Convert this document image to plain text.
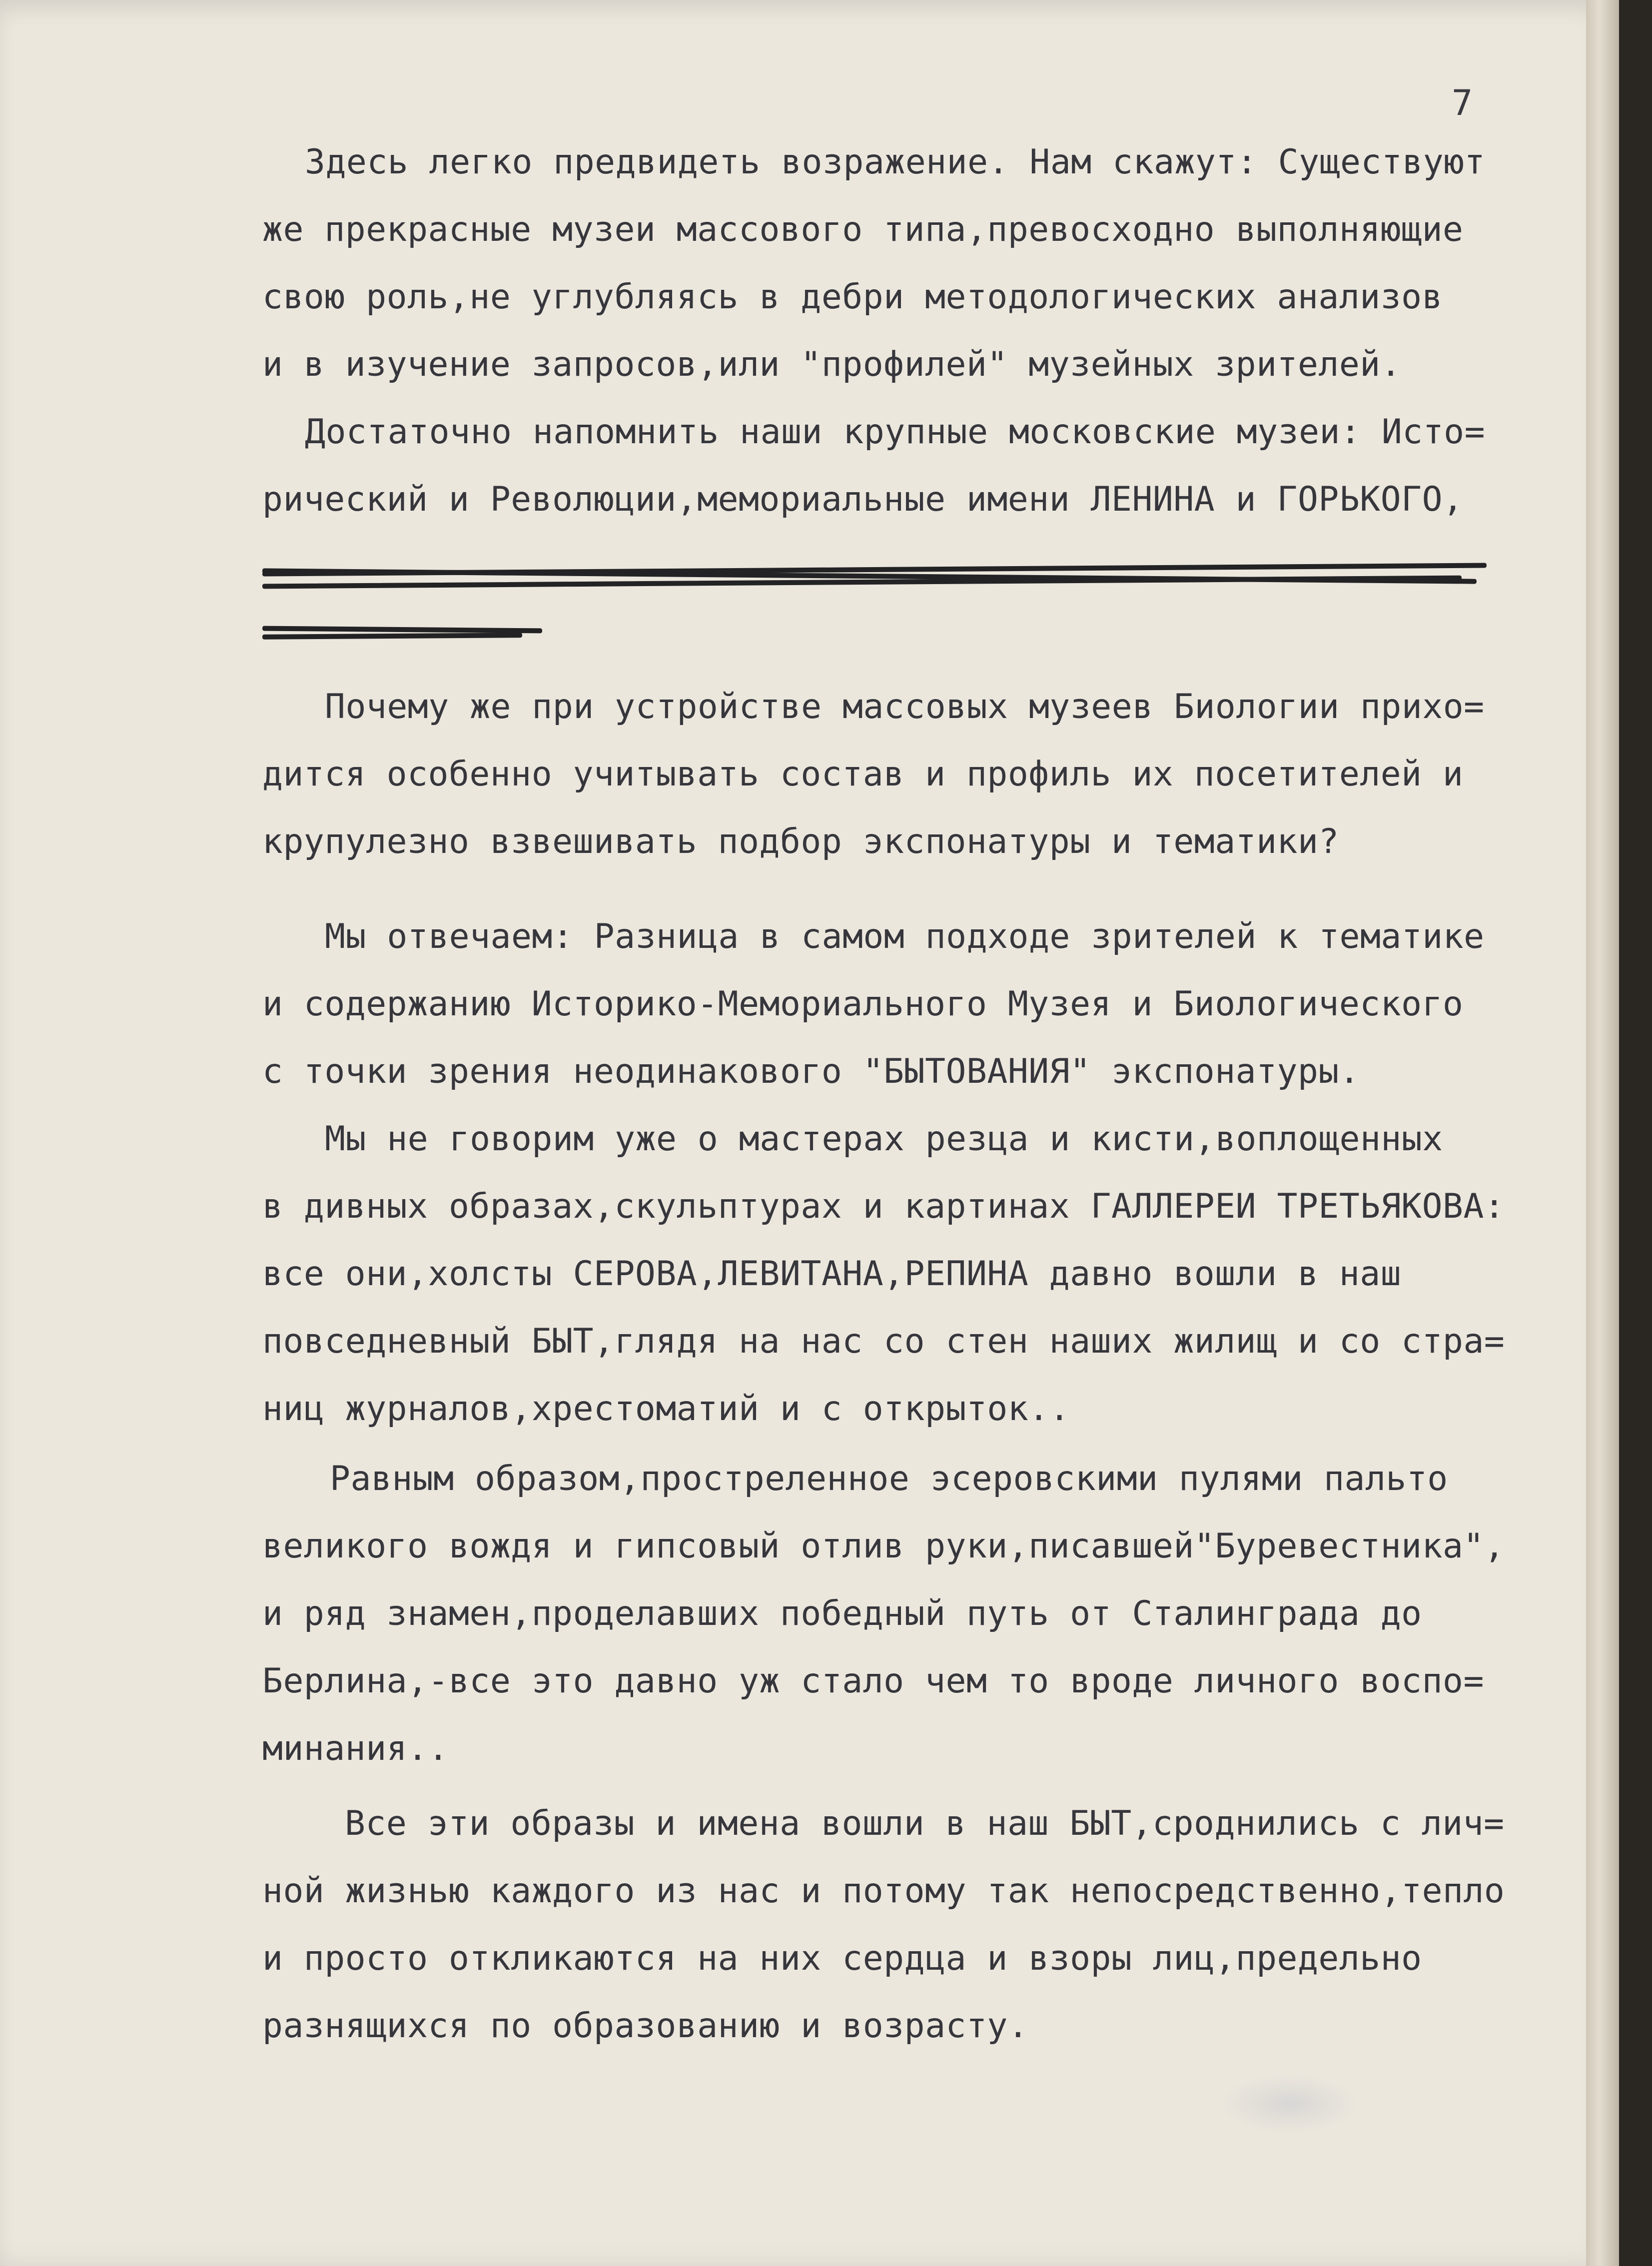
7
Здесь легко предвидеть возражение. Нам скажут: Существуют
же прекрасные музеи массового типа,превосходно выполняющие
свою роль,не углубляясь в дебри методологических анализов
и в изучение запросов,или "профилей" музейных зрителей.
Достаточно напомнить наши крупные московские музеи: Исто=
рический и Революции,мемориальные имени ЛЕНИНА и ГОРЬКОГО,
Почему же при устройстве массовых музеев Биологии прихо=
дится особенно учитывать состав и профиль их посетителей и
крупулезно взвешивать подбор экспонатуры и тематики?
Мы отвечаем: Разница в самом подходе зрителей к тематике
и содержанию Историко-Мемориального Музея и Биологического
с точки зрения неодинакового "БЫТОВАНИЯ" экспонатуры.
Мы не говорим уже о мастерах резца и кисти,воплощенных
в дивных образах,скульптурах и картинах ГАЛЛЕРЕИ ТРЕТЬЯКОВА:
все они,холсты СЕРОВА,ЛЕВИТАНА,РЕПИНА давно вошли в наш
повседневный БЫТ,глядя на нас со стен наших жилищ и со стра=
ниц журналов,хрестоматий и с открыток..
Равным образом,простреленное эсеровскими пулями пальто
великого вождя и гипсовый отлив руки,писавшей"Буревестника",
и ряд знамен,проделавших победный путь от Сталинграда до
Берлина,-все это давно уж стало чем то вроде личного воспо=
минания..
Все эти образы и имена вошли в наш БЫТ,сроднились с лич=
ной жизнью каждого из нас и потому так непосредственно,тепло
и просто откликаются на них сердца и взоры лиц,предельно
разнящихся по образованию и возрасту.
